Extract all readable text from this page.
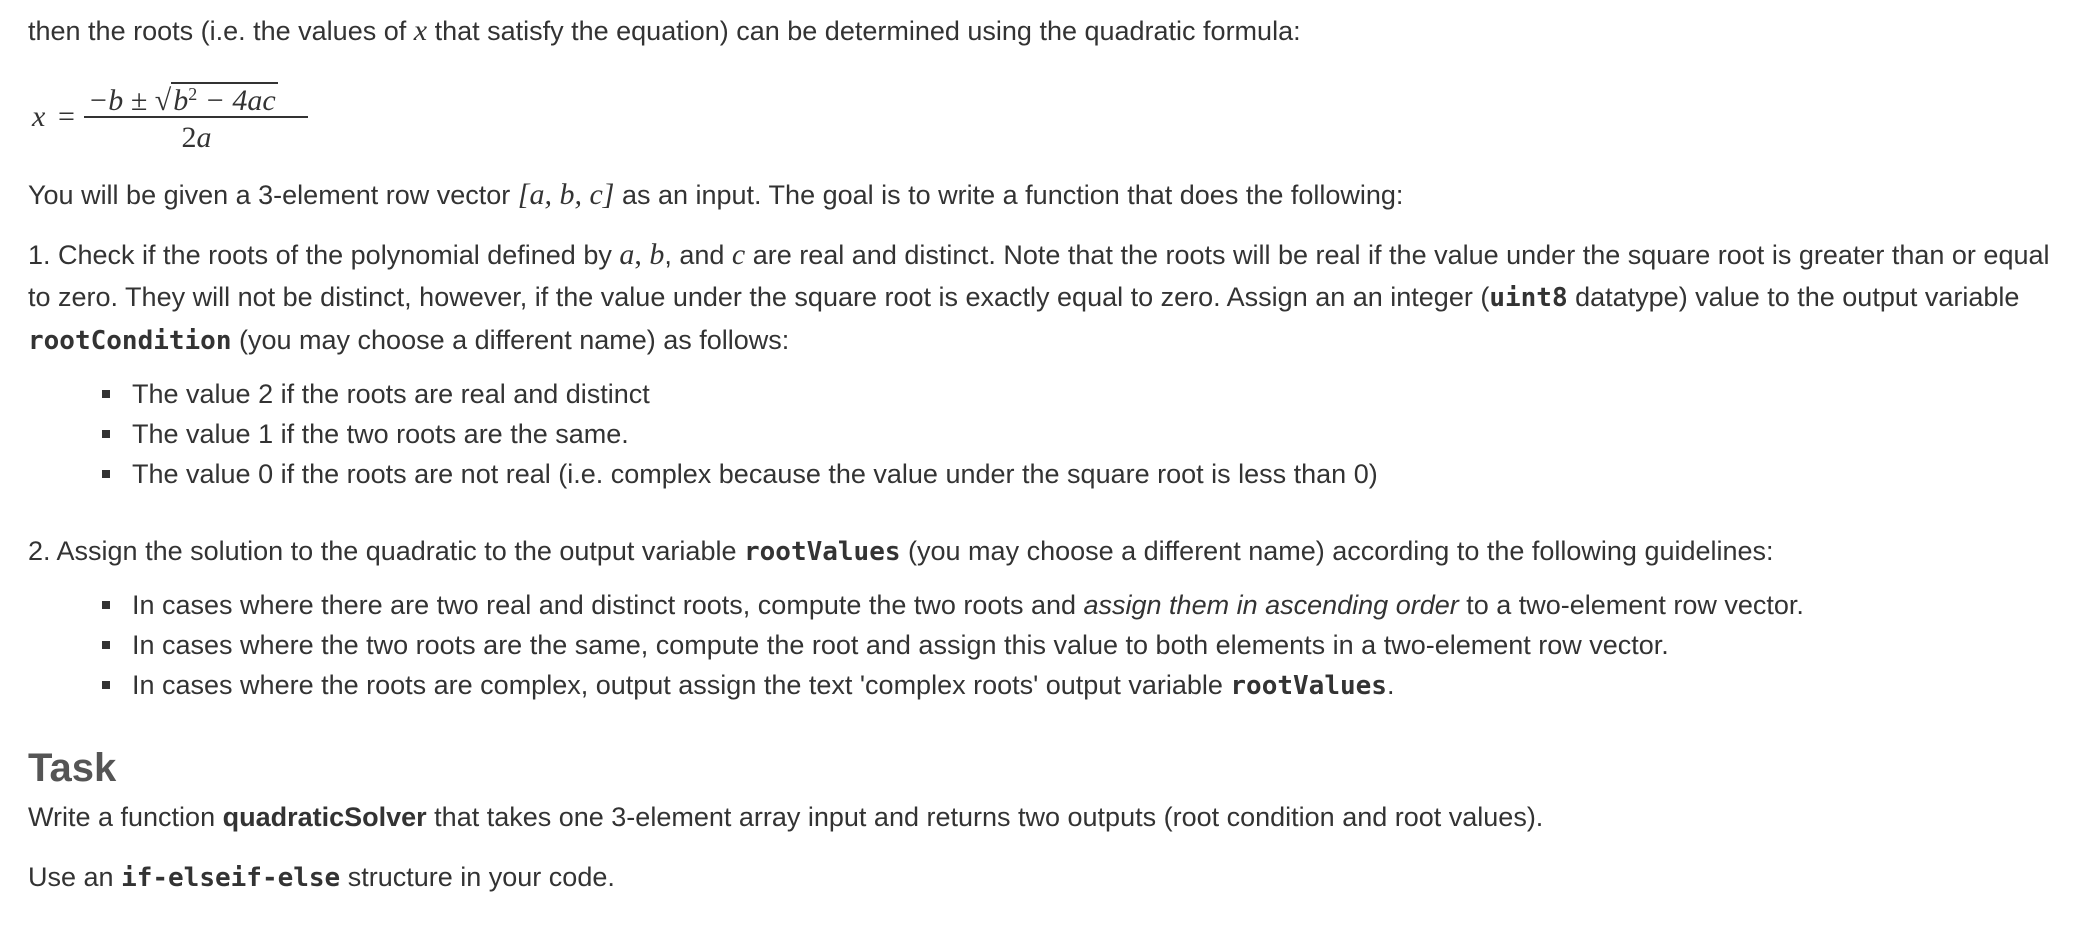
then the roots (i.e. the values of x that satisfy the equation) can be determined using the quadratic formula:

$x = -b \pm √b^2 - 4ac$
2a

You will be given a 3-element row vector [a, b, c] as an input. The goal is to write a function that does the following:

1. Check if the roots of the polynomial defined by a, b, and c are real and distinct. Note that the roots will be real if the value under the square root is greater than or equal to zero. They will not be distinct, however, if the value under the square root is exactly equal to zero. Assign an an integer (uint8 datatype) value to the output variable rootCondition (you may choose a different name) as follows:

The value 2 if the roots are real and distinct
The value 1 if the two roots are the same.
The value 0 if the roots are not real (i.e. complex because the value under the square root is less than 0)

2. Assign the solution to the quadratic to the output variable rootValues (you may choose a different name) according to the following guidelines:

In cases where there are two real and distinct roots, compute the two roots and assign them in ascending order to a two-element row vector.
In cases where the two roots are the same, compute the root and assign this value to both elements in a two-element row vector.
In cases where the roots are complex, output assign the text 'complex roots' output variable rootValues.
Task

Write a function quadraticSolver that takes one 3-element array input and returns two outputs (root condition and root values).

Use an if-elseif-else structure in your code.
